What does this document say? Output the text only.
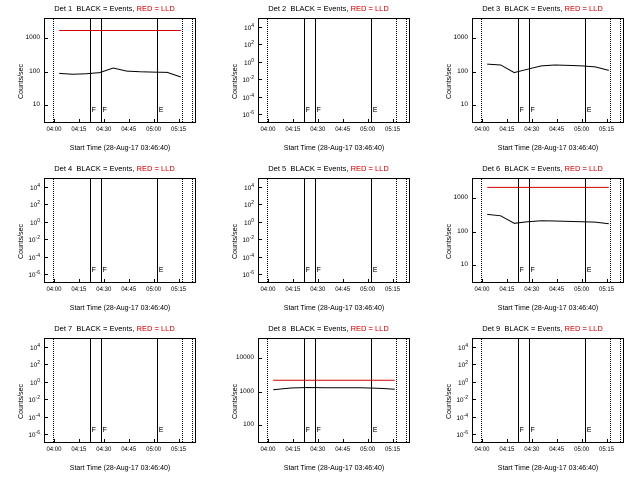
Det 1  BLACK = Events, RED = LLD
Counts/sec
Start Time (28-Aug-17 03:46:40)
10
100
1000
04:00	04:15	04:30	04:45	05:00	05:15
F F	E
Det 2  BLACK = Events, RED = LLD
Counts/sec
Start Time (28-Aug-17 03:46:40)
$10^{-6}$
$10^{-4}$
$10^{-2}$
$10^0$
$10^2$
$10^4$
04:00	04:15	04:30	04:45	05:00	05:15
F F	E
Det 3  BLACK = Events, RED = LLD
Counts/sec
Start Time (28-Aug-17 03:46:40)
10
100
1000
04:00	04:15	04:30	04:45	05:00	05:15
F F	E
Det 4  BLACK = Events, RED = LLD
Counts/sec
Start Time (28-Aug-17 03:46:40)
$10^{-6}$
$10^{-4}$
$10^{-2}$
$10^0$
$10^2$
$10^4$
04:00	04:15	04:30	04:45	05:00	05:15
F F	E
Det 5  BLACK = Events, RED = LLD
Counts/sec
Start Time (28-Aug-17 03:46:40)
$10^{-6}$
$10^{-4}$
$10^{-2}$
$10^0$
$10^2$
$10^4$
04:00	04:15	04:30	04:45	05:00	05:15
F F	E
Det 6  BLACK = Events, RED = LLD
Counts/sec
Start Time (28-Aug-17 03:46:40)
10
100
1000
04:00	04:15	04:30	04:45	05:00	05:15
F F	E
Det 7  BLACK = Events, RED = LLD
Counts/sec
Start Time (28-Aug-17 03:46:40)
$10^{-6}$
$10^{-4}$
$10^{-2}$
$10^0$
$10^2$
$10^4$
04:00	04:15	04:30	04:45	05:00	05:15
F F	E
Det 8  BLACK = Events, RED = LLD
Counts/sec
Start Time (28-Aug-17 03:46:40)
100
1000
10000
04:00	04:15	04:30	04:45	05:00	05:15
F F	E
Det 9  BLACK = Events, RED = LLD
Counts/sec
Start Time (28-Aug-17 03:46:40)
$10^{-6}$
$10^{-4}$
$10^{-2}$
$10^0$
$10^2$
$10^4$
04:00	04:15	04:30	04:45	05:00	05:15
F F	E
